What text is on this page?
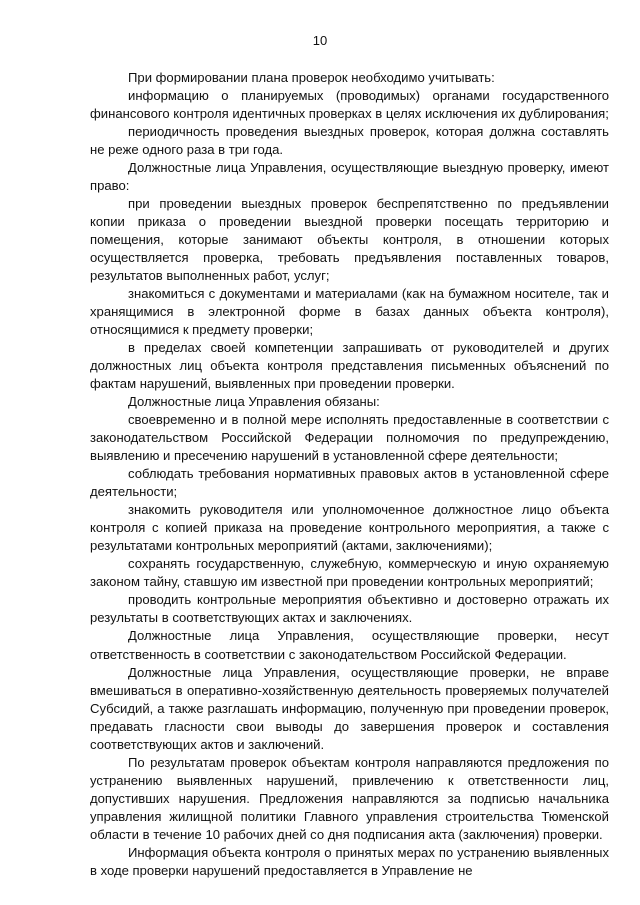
10

При формировании плана проверок необходимо учитывать:

информацию о планируемых (проводимых) органами государственного финансового контроля идентичных проверках в целях исключения их дублирования;

периодичность проведения выездных проверок, которая должна составлять не реже одного раза в три года.

Должностные лица Управления, осуществляющие выездную проверку, имеют право:

при проведении выездных проверок беспрепятственно по предъявлении копии приказа о проведении выездной проверки посещать территорию и помещения, которые занимают объекты контроля, в отношении которых осуществляется проверка, требовать предъявления поставленных товаров, результатов выполненных работ, услуг;

знакомиться с документами и материалами (как на бумажном носителе, так и хранящимися в электронной форме в базах данных объекта контроля), относящимися к предмету проверки;

в пределах своей компетенции запрашивать от руководителей и других должностных лиц объекта контроля представления письменных объяснений по фактам нарушений, выявленных при проведении проверки.

Должностные лица Управления обязаны:

своевременно и в полной мере исполнять предоставленные в соответствии с законодательством Российской Федерации полномочия по предупреждению, выявлению и пресечению нарушений в установленной сфере деятельности;

соблюдать требования нормативных правовых актов в установленной сфере деятельности;

знакомить руководителя или уполномоченное должностное лицо объекта контроля с копией приказа на проведение контрольного мероприятия, а также с результатами контрольных мероприятий (актами, заключениями);

сохранять государственную, служебную, коммерческую и иную охраняемую законом тайну, ставшую им известной при проведении контрольных мероприятий;

проводить контрольные мероприятия объективно и достоверно отражать их результаты в соответствующих актах и заключениях.

Должностные лица Управления, осуществляющие проверки, несут ответственность в соответствии с законодательством Российской Федерации.

Должностные лица Управления, осуществляющие проверки, не вправе вмешиваться в оперативно-хозяйственную деятельность проверяемых получателей Субсидий, а также разглашать информацию, полученную при проведении проверок, предавать гласности свои выводы до завершения проверок и составления соответствующих актов и заключений.

По результатам проверок объектам контроля направляются предложения по устранению выявленных нарушений, привлечению к ответственности лиц, допустивших нарушения. Предложения направляются за подписью начальника управления жилищной политики Главного управления строительства Тюменской области в течение 10 рабочих дней со дня подписания акта (заключения) проверки.

Информация объекта контроля о принятых мерах по устранению выявленных в ходе проверки нарушений предоставляется в Управление не
